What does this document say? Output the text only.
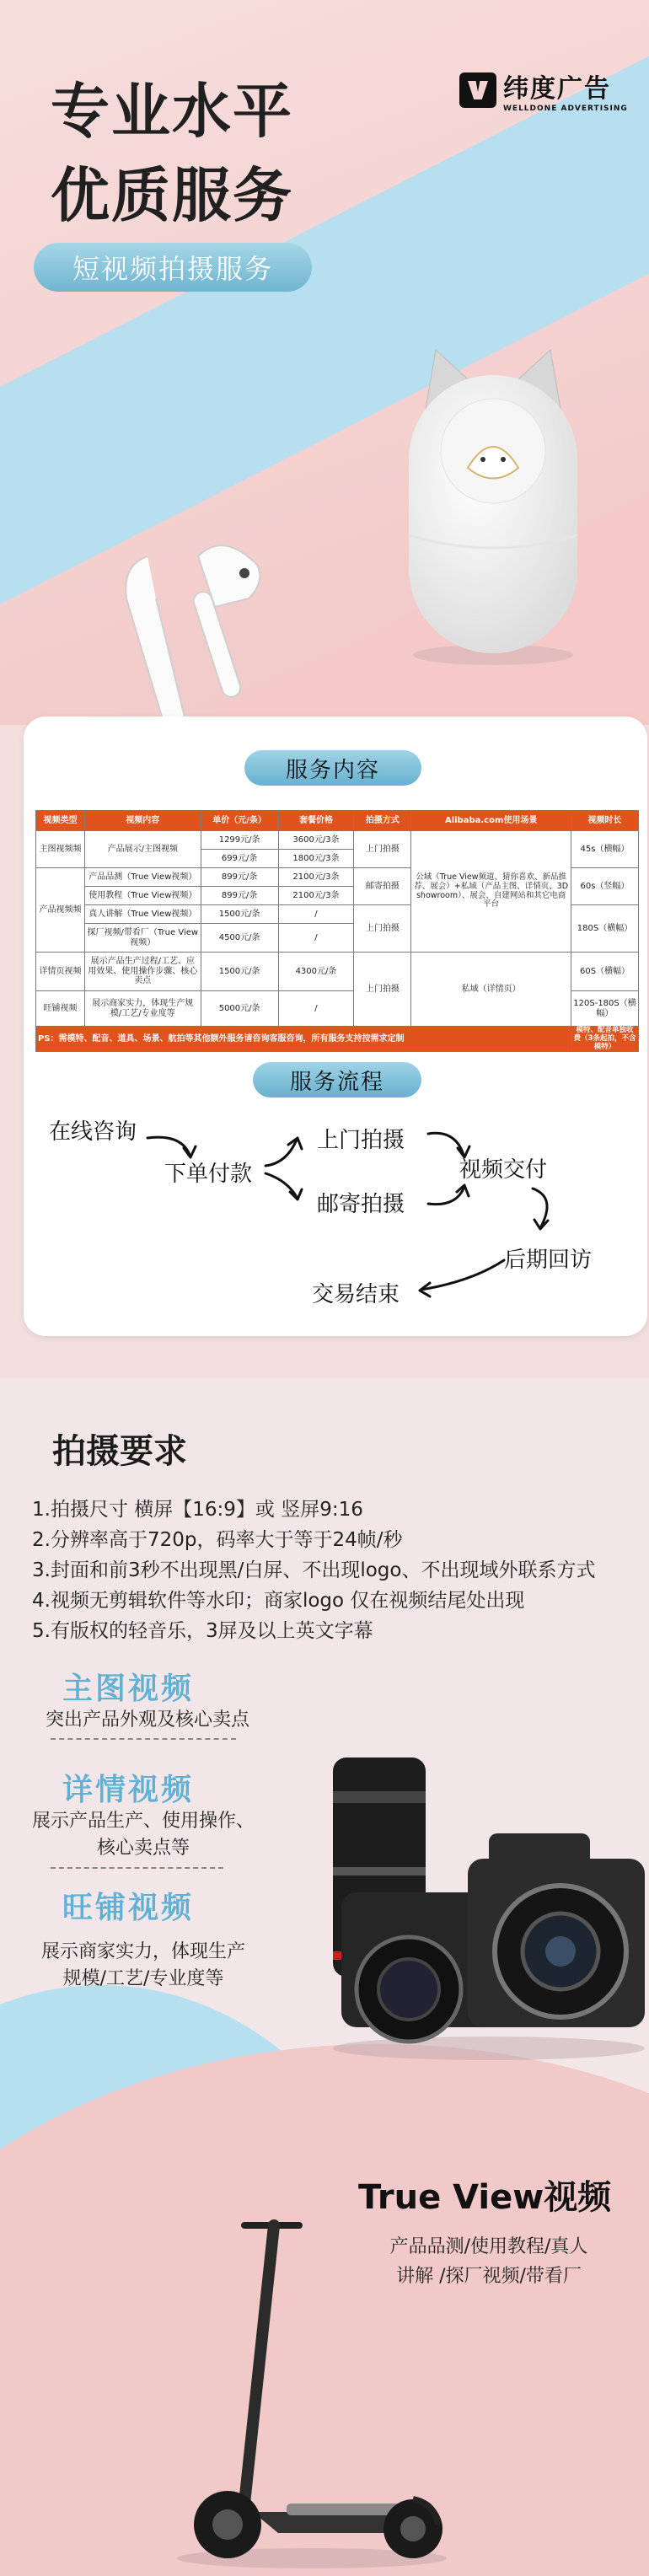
专业水平
优质服务
短视频拍摄服务
纬度广告
WELLDONE ADVERTISING
服务内容
视频类型	视频内容	单价（元/条）	套餐价格	拍摄方式	Alibaba.com使用场景	视频时长
主图视频频	产品展示/主图视频	1299元/条	3600元/3条	上门拍摄	公域（True View频道、猜你喜欢、新品推荐、展会）+私域（产品主图、详情页、3D showroom）、展会、自建网站和其它电商平台	45s（横幅）
		699元/条	1800元/3条			
产品视频频	产品品测（True View视频）	899元/条	2100元/3条	邮寄拍摄		60s（竖幅）
	使用教程（True View视频）	899元/条	2100元/3条			
	真人讲解（True View视频）	1500元/条	/	上门拍摄		180S（横幅）
	探厂视频/带看厂（True View视频）	4500元/条	/			
详情页视频	展示产品生产过程/工艺、应用效果、使用操作步骤、核心卖点	1500元/条	4300元/条	上门拍摄	私域（详情页）	60S（横幅）
旺铺视频	展示商家实力，体现生产规模/工艺/专业度等	5000元/条	/			120S-180S（横幅）
PS：需模特、配音、道具、场景、航拍等其他额外服务请咨询客服咨询，所有服务支持按需求定制						模特、配音单独收费（3条起拍，不含模特）
服务流程
在线咨询
下单付款
上门拍摄
邮寄拍摄
视频交付
后期回访
交易结束
拍摄要求
1.拍摄尺寸 横屏【16:9】或 竖屏9:16
2.分辨率高于720p，码率大于等于24帧/秒
3.封面和前3秒不出现黑/白屏、不出现logo、不出现域外联系方式
4.视频无剪辑软件等水印；商家logo 仅在视频结尾处出现
5.有版权的轻音乐，3屏及以上英文字幕
主图视频
突出产品外观及核心卖点
详情视频
展示产品生产、使用操作、
核心卖点等
旺铺视频
展示商家实力，体现生产
规模/工艺/专业度等
True View视频
产品品测/使用教程/真人
讲解 /探厂视频/带看厂
